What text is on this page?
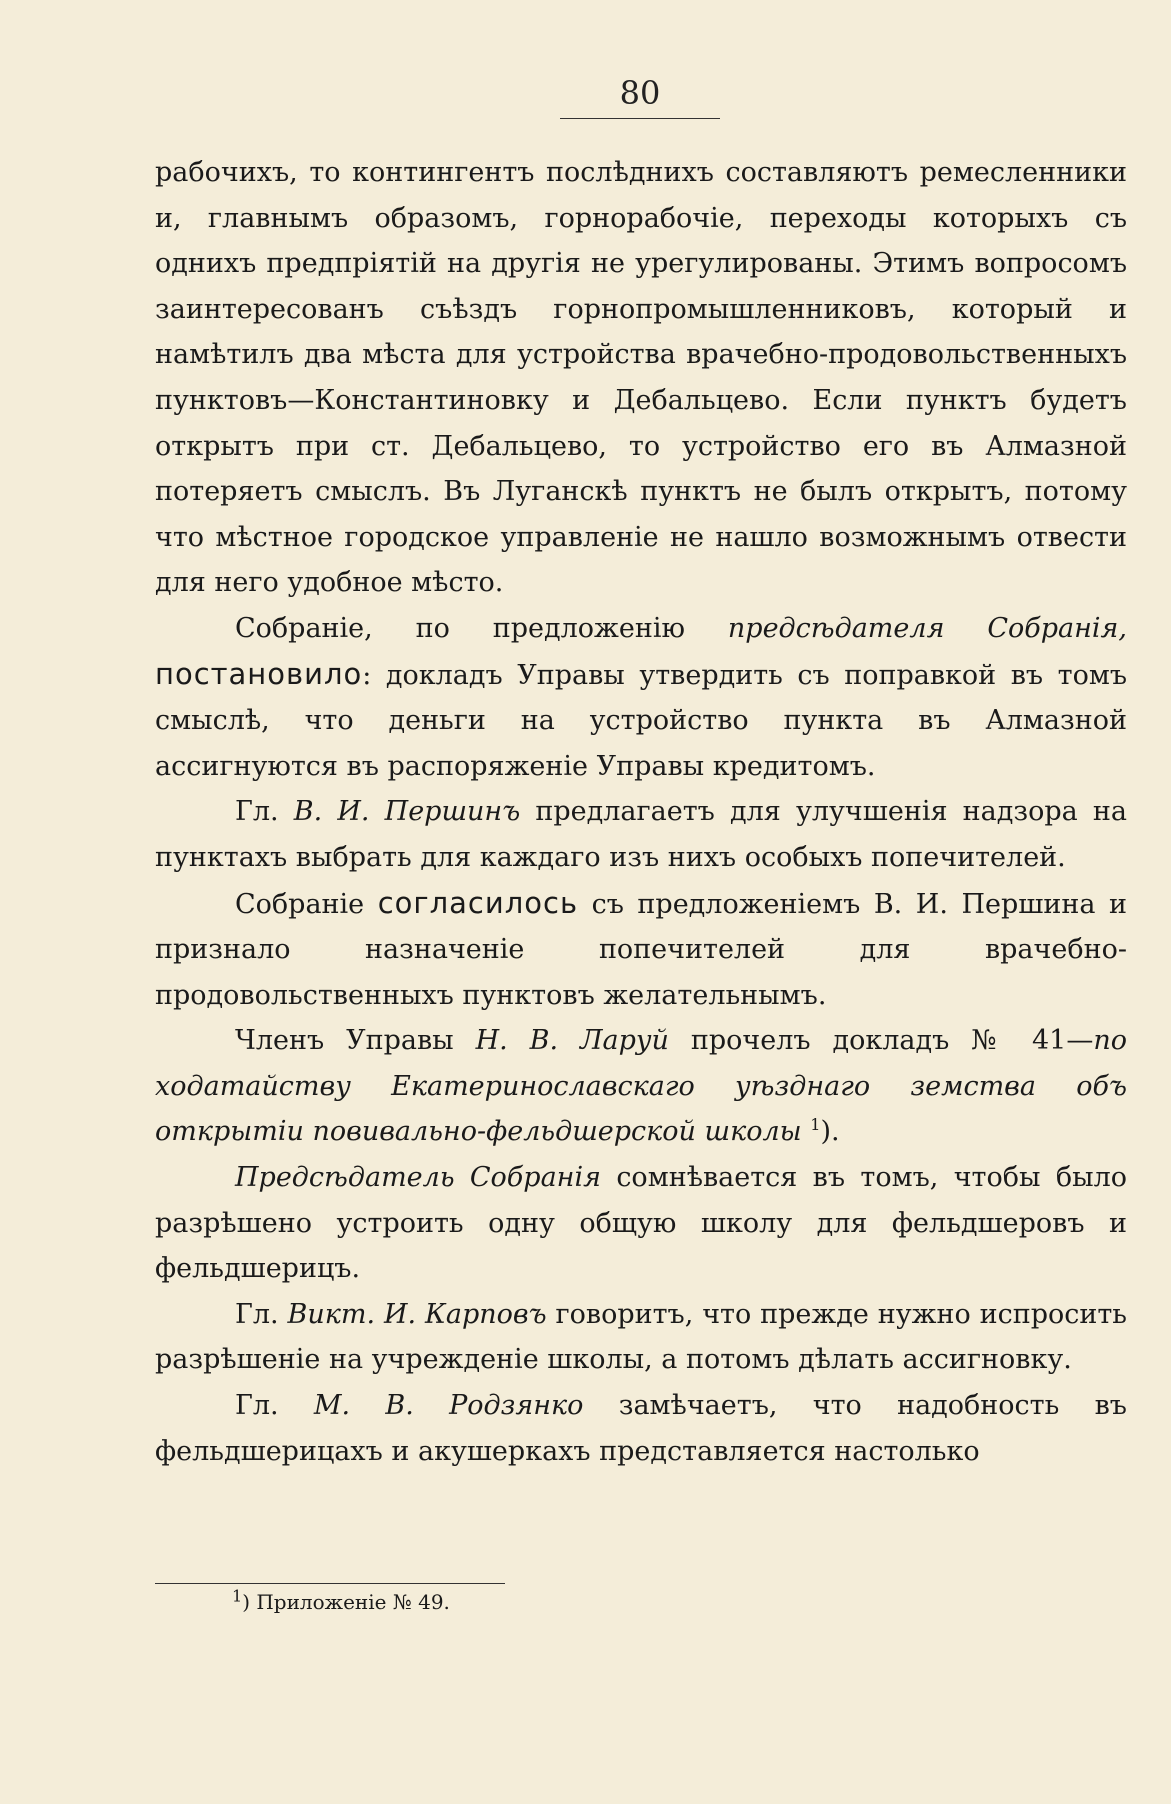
80

рабочихъ, то контингентъ послѣднихъ составляютъ ремесленники и, главнымъ образомъ, горнорабочіе, переходы которыхъ съ однихъ предпріятій на другія не урегулированы. Этимъ вопросомъ заинтересованъ съѣздъ горнопромышленниковъ, который и намѣтилъ два мѣста для устройства врачебно-продовольственныхъ пунктовъ—Константиновку и Дебальцево. Если пунктъ будетъ открытъ при ст. Дебальцево, то устройство его въ Алмазной потеряетъ смыслъ. Въ Луганскѣ пунктъ не былъ открытъ, потому что мѣстное городское управленіе не нашло возможнымъ отвести для него удобное мѣсто.

Собраніе, по предложенію предсѣдателя Собранія, постановило: докладъ Управы утвердить съ поправкой въ томъ смыслѣ, что деньги на устройство пункта въ Алмазной ассигнуются въ распоряженіе Управы кредитомъ.

Гл. В. И. Першинъ предлагаетъ для улучшенія надзора на пунктахъ выбрать для каждаго изъ нихъ особыхъ попечителей.

Собраніе согласилось съ предложеніемъ В. И. Першина и признало назначеніе попечителей для врачебно-продовольственныхъ пунктовъ желательнымъ.

Членъ Управы Н. В. Ларуй прочелъ докладъ № 41—по ходатайству Екатеринославскаго уѣзднаго земства объ открытіи повивально-фельдшерской школы $^1$).

Предсѣдатель Собранія сомнѣвается въ томъ, чтобы было разрѣшено устроить одну общую школу для фельдшеровъ и фельдшерицъ.

Гл. Викт. И. Карповъ говоритъ, что прежде нужно испросить разрѣшеніе на учрежденіе школы, а потомъ дѣлать ассигновку.

Гл. М. В. Родзянко замѣчаетъ, что надобность въ фельдшерицахъ и акушеркахъ представляется настолько

$^1$) Приложеніе № 49.
